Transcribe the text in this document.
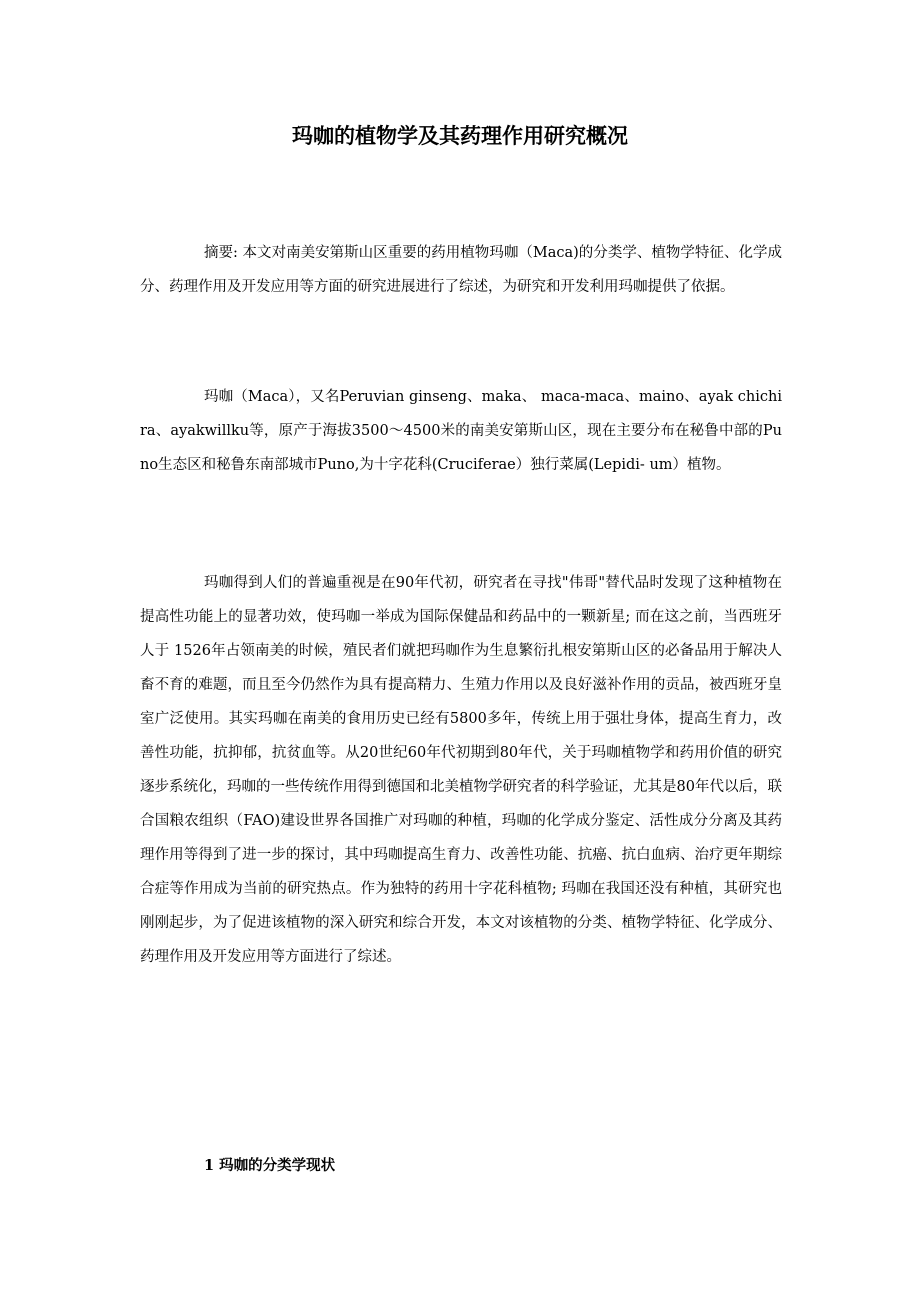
玛咖的植物学及其药理作用研究概况

摘要: 本文对南美安第斯山区重要的药用植物玛咖（Maca)的分类学、植物学特征、化学成分、药理作用及开发应用等方面的研究进展进行了综述，为研究和开发利用玛咖提供了依据。

玛咖（Maca），又名Peruvian ginseng、maka、 maca-maca、maino、ayak chichira、ayakwillku等，原产于海拔3500～4500米的南美安第斯山区，现在主要分布在秘鲁中部的Puno生态区和秘鲁东南部城市Puno,为十字花科(Cruciferae）独行菜属(Lepidi- um）植物。

玛咖得到人们的普遍重视是在90年代初，研究者在寻找"伟哥"替代品时发现了这种植物在提高性功能上的显著功效，使玛咖一举成为国际保健品和药品中的一颗新星; 而在这之前，当西班牙人于 1526年占领南美的时候，殖民者们就把玛咖作为生息繁衍扎根安第斯山区的必备品用于解决人畜不育的难题，而且至今仍然作为具有提高精力、生殖力作用以及良好滋补作用的贡品，被西班牙皇室广泛使用。其实玛咖在南美的食用历史已经有5800多年，传统上用于强壮身体，提高生育力，改善性功能，抗抑郁，抗贫血等。从20世纪60年代初期到80年代，关于玛咖植物学和药用价值的研究逐步系统化，玛咖的一些传统作用得到德国和北美植物学研究者的科学验证，尤其是80年代以后，联合国粮农组织（FAO)建设世界各国推广对玛咖的种植，玛咖的化学成分鉴定、活性成分分离及其药理作用等得到了进一步的探讨，其中玛咖提高生育力、改善性功能、抗癌、抗白血病、治疗更年期综合症等作用成为当前的研究热点。作为独特的药用十字花科植物; 玛咖在我国还没有种植，其研究也刚刚起步，为了促进该植物的深入研究和综合开发，本文对该植物的分类、植物学特征、化学成分、药理作用及开发应用等方面进行了综述。

1 玛咖的分类学现状
